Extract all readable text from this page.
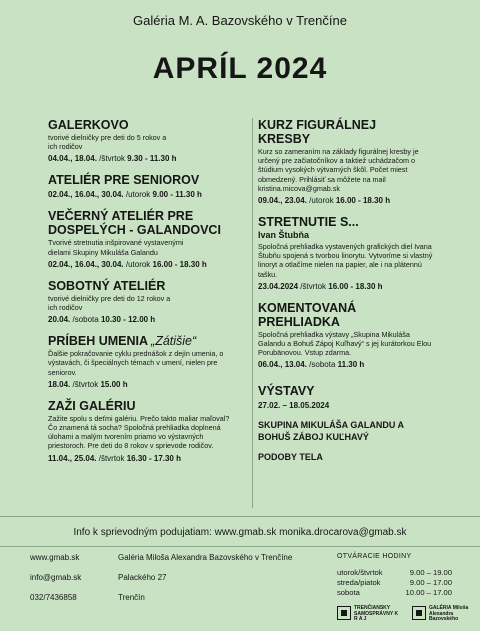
Galéria M. A. Bazovského v Trenčíne
APRÍL 2024
GALERKOVO
tvorivé dielničky pre deti do 5 rokov a ich rodičov
04.04., 18.04. /štvrtok 9.30 - 11.30 h
ATELIÉR PRE SENIOROV
02.04., 16.04., 30.04. /utorok 9.00 - 11.30 h
VEČERNÝ ATELIÉR PRE DOSPELÝCH - GALANDOVCI
Tvorivé stretnutia inšpirované vystavenými dielami Skupiny Mikuláša Galandu
02.04., 16.04., 30.04. /utorok 16.00 - 18.30 h
SOBOTNÝ ATELIÉR
tvorivé dielničky pre deti do 12 rokov a ich rodičov
20.04. /sobota 10.30 - 12.00 h
PRÍBEH UMENIA „Zátišie“
Ďalšie pokračovanie cyklu prednášok z dejín umenia, o výstavách, či špeciálnych témach v umení, nielen pre seniorov.
18.04. /štvrtok 15.00 h
ZAŽI GALÉRIU
Zažite spolu s deťmi galériu. Prečo takto maliar maľoval? Čo znamená tá socha? Spoločná prehliadka doplnená úlohami a malým tvorením priamo vo výstavných priestoroch. Pre deti do 8 rokov v sprievode rodičov.
11.04., 25.04. /štvrtok 16.30 - 17.30 h
KURZ FIGURÁLNEJ KRESBY
Kurz so zameraním na základy figurálnej kresby je určený pre začiatočníkov a taktiež uchádzačom o štúdium vysokých výtvarných škôl. Počet miest obmedzený. Prihlásiť sa môžete na mail kristina.micova@gmab.sk
09.04., 23.04. /utorok 16.00 - 18.30 h
STRETNUTIE S...
Ivan Štubňa
Spoločná prehliadka vystavených grafických diel Ivana Štubňu spojená s tvorbou linorytu. Vytvoríme si vlastný linoryt a otlačíme nielen na papier, ale i na plátennú tašku.
23.04.2024 /štvrtok 16.00 - 18.30 h
KOMENTOVANÁ PREHLIADKA
Spoločná prehliadka výstavy „Skupina Mikuláša Galandu a Bohuš Zápoj Kuľhavý“ s jej kurátorkou Elou Porubänovou. Vstup zdarma.
06.04., 13.04. /sobota 11.30 h
VÝSTAVY
27.02. – 18.05.2024
SKUPINA MIKULÁŠA GALANDU A BOHUŠ ZÁBOJ KUĽHAVÝ
PODOBY TELA
Info k sprievodným podujatiam: www.gmab.sk monika.drocarova@gmab.sk
www.gmab.sk
info@gmab.sk
032/7436858
Galéria Miloša Alexandra Bazovského v Trenčíne
Palackého 27
Trenčín
OTVÁRACIE HODINY
utorok/štvrtok	9.00 – 19.00
streda/piatok	9.00 – 17.00
sobota	10.00 – 17.00
TRENČIANSKY SAMOSPRÁVNY K R A J
GALÉRIA Miloša Alexandra Bazovského
